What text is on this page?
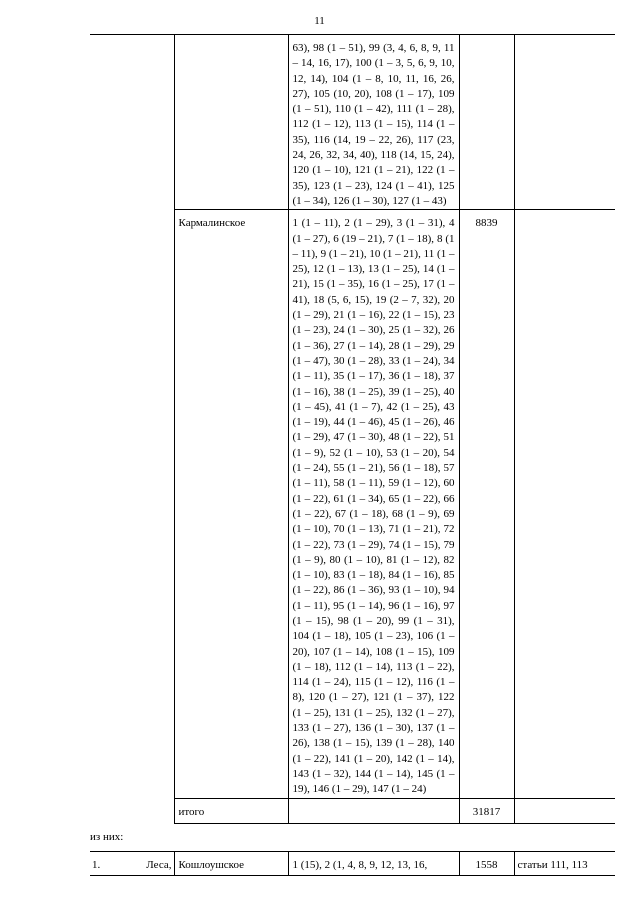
11
			63), 98 (1 – 51), 99 (3, 4, 6, 8, 9, 11 – 14, 16, 17), 100 (1 – 3, 5, 6, 9, 10, 12, 14), 104 (1 – 8, 10, 11, 16, 26, 27), 105 (10, 20), 108 (1 – 17), 109 (1 – 51), 110 (1 – 42), 111 (1 – 28), 112 (1 – 12), 113 (1 – 15), 114 (1 – 35), 116 (14, 19 – 22, 26), 117 (23, 24, 26, 32, 34, 40), 118 (14, 15, 24), 120 (1 – 10), 121 (1 – 21), 122 (1 – 35), 123 (1 – 23), 124 (1 – 41), 125 (1 – 34), 126 (1 – 30), 127 (1 – 43)		
		Кармалинское	1 (1 – 11), 2 (1 – 29), 3 (1 – 31), 4 (1 – 27), 6 (19 – 21), 7 (1 – 18), 8 (1 – 11), 9 (1 – 21), 10 (1 – 21), 11 (1 – 25), 12 (1 – 13), 13 (1 – 25), 14 (1 – 21), 15 (1 – 35), 16 (1 – 25), 17 (1 – 41), 18 (5, 6, 15), 19 (2 – 7, 32), 20 (1 – 29), 21 (1 – 16), 22 (1 – 15), 23 (1 – 23), 24 (1 – 30), 25 (1 – 32), 26 (1 – 36), 27 (1 – 14), 28 (1 – 29), 29 (1 – 47), 30 (1 – 28), 33 (1 – 24), 34 (1 – 11), 35 (1 – 17), 36 (1 – 18), 37 (1 – 16), 38 (1 – 25), 39 (1 – 25), 40 (1 – 45), 41 (1 – 7), 42 (1 – 25), 43 (1 – 19), 44 (1 – 46), 45 (1 – 26), 46 (1 – 29), 47 (1 – 30), 48 (1 – 22), 51 (1 – 9), 52 (1 – 10), 53 (1 – 20), 54 (1 – 24), 55 (1 – 21), 56 (1 – 18), 57 (1 – 11), 58 (1 – 11), 59 (1 – 12), 60 (1 – 22), 61 (1 – 34), 65 (1 – 22), 66 (1 – 22), 67 (1 – 18), 68 (1 – 9), 69 (1 – 10), 70 (1 – 13), 71 (1 – 21), 72 (1 – 22), 73 (1 – 29), 74 (1 – 15), 79 (1 – 9), 80 (1 – 10), 81 (1 – 12), 82 (1 – 10), 83 (1 – 18), 84 (1 – 16), 85 (1 – 22), 86 (1 – 36), 93 (1 – 10), 94 (1 – 11), 95 (1 – 14), 96 (1 – 16), 97 (1 – 15), 98 (1 – 20), 99 (1 – 31), 104 (1 – 18), 105 (1 – 23), 106 (1 – 20), 107 (1 – 14), 108 (1 – 15), 109 (1 – 18), 112 (1 – 14), 113 (1 – 22), 114 (1 – 24), 115 (1 – 12), 116 (1 – 8), 120 (1 – 27), 121 (1 – 37), 122 (1 – 25), 131 (1 – 25), 132 (1 – 27), 133 (1 – 27), 136 (1 – 30), 137 (1 – 26), 138 (1 – 15), 139 (1 – 28), 140 (1 – 22), 141 (1 – 20), 142 (1 – 14), 143 (1 – 32), 144 (1 – 14), 145 (1 – 19), 146 (1 – 29), 147 (1 – 24)	8839	
		итого		31817	
из них:					
1.	Леса,	Кошлоушское	1 (15), 2 (1, 4, 8, 9, 12, 13, 16,	1558	статьи 111, 113
